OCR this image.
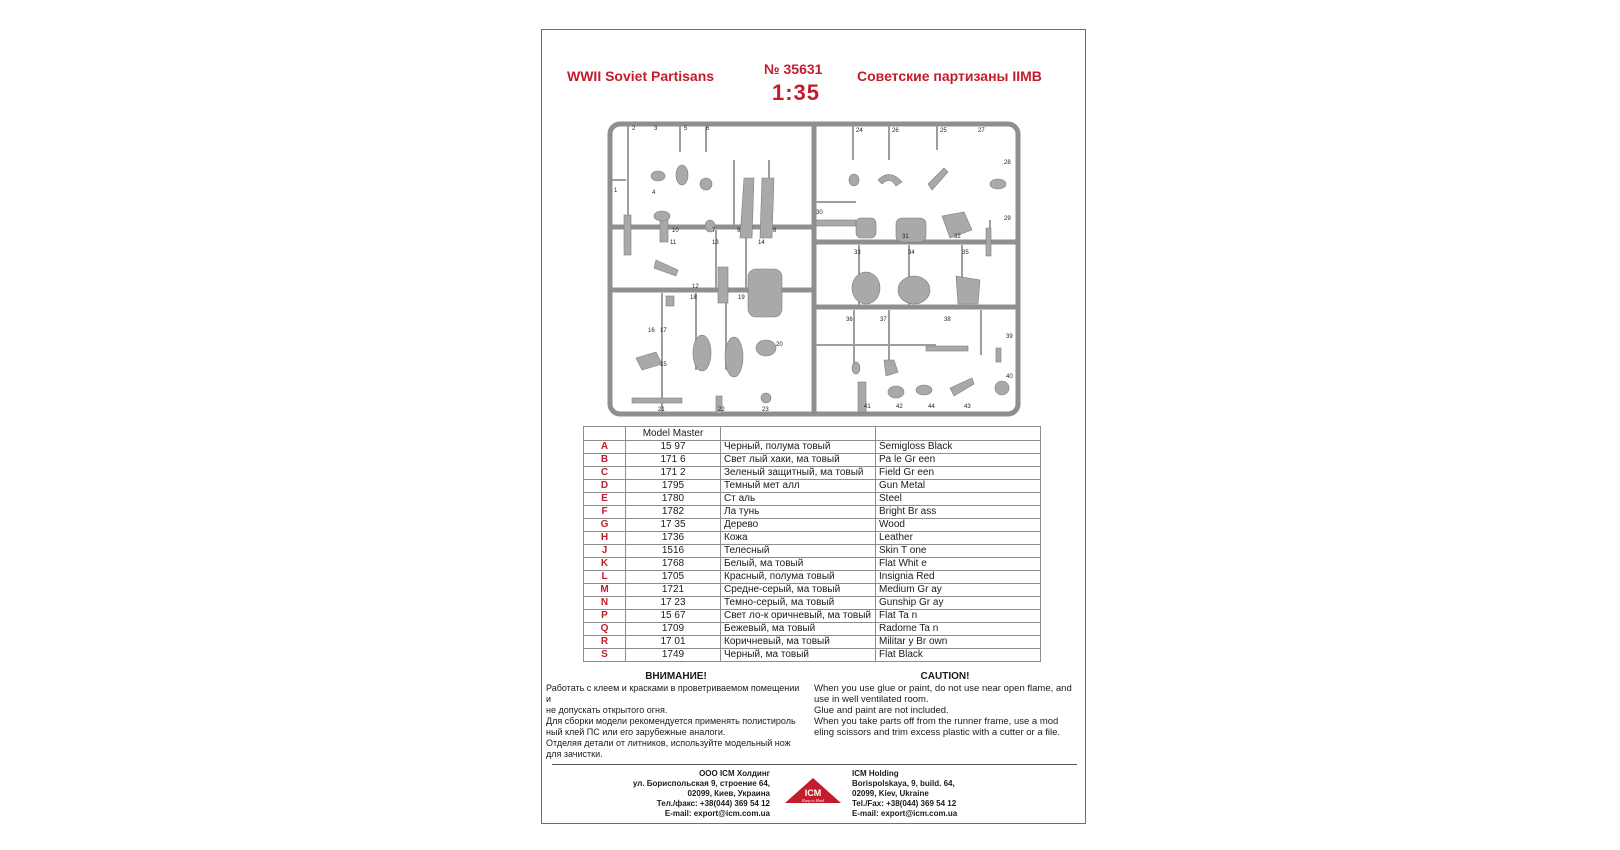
WWII Soviet Partisans	№ 35631
1:35
Советские партизаны IIМВ
2	3	5	6
1	4
10	7	9	8
11	13	14
12
16 17
15
18	19
20
21	22	23
24	26	25	27
28
30
29
31	32
33	34	35
36	37	38
39
40
41	42	44	43
	Model Master		
A	15 97	Черный, полума товый	Semigloss Black
B	171 6	Свет лый хаки, ма товый	Pa le Gr een
C	171 2	Зеленый защитный, ма товый	Field Gr een
D	1795	Темный мет алл	Gun Metal
E	1780	Ст аль	Steel
F	1782	Ла тунь	Bright Br ass
G	17 35	Дерево	Wood
H	1736	Кожа	Leather
J	1516	Телесный	Skin T one
K	1768	Белый, ма товый	Flat Whit e
L	1705	Красный, полума товый	Insignia Red
M	1721	Средне-серый, ма товый	Medium Gr ay
N	17 23	Темно-серый, ма товый	Gunship Gr ay
P	15 67	Свет ло-к оричневый, ма товый	Flat Ta n
Q	1709	Бежевый, ма товый	Radome Ta n
R	17 01	Коричневый, ма товый	Militar y Br own
S	1749	Черный, ма товый	Flat Black
ВНИМАНИЕ!

Работать с клеем и красками в проветриваемом помещении и

не допускать открытого огня.

Для сборки модели рекомендуется применять полистироль

ный клей ПС или его зарубежные аналоги.

Отделяя детали от литников, используйте модельный нож

для зачистки.

CAUTION!

When you use glue or paint, do not use near open flame, and

use in well ventilated room.

Glue and paint are not included.

When you take parts off from the runner frame, use a mod

eling scissors and trim excess plastic with a cutter or a file.

ООО ICM Холдинг
ул. Бориспольская 9, строение 64,
02099, Киев, Украина
Тел./факс: +38(044) 369 54 12
E-mail: export@icm.com.ua
ICM
Keep in Mind
ICM Holding
Borispolskaya, 9, build. 64,
02099, Kiev, Ukraine
Tel./Fax: +38(044) 369 54 12
E-mail: export@icm.com.ua
